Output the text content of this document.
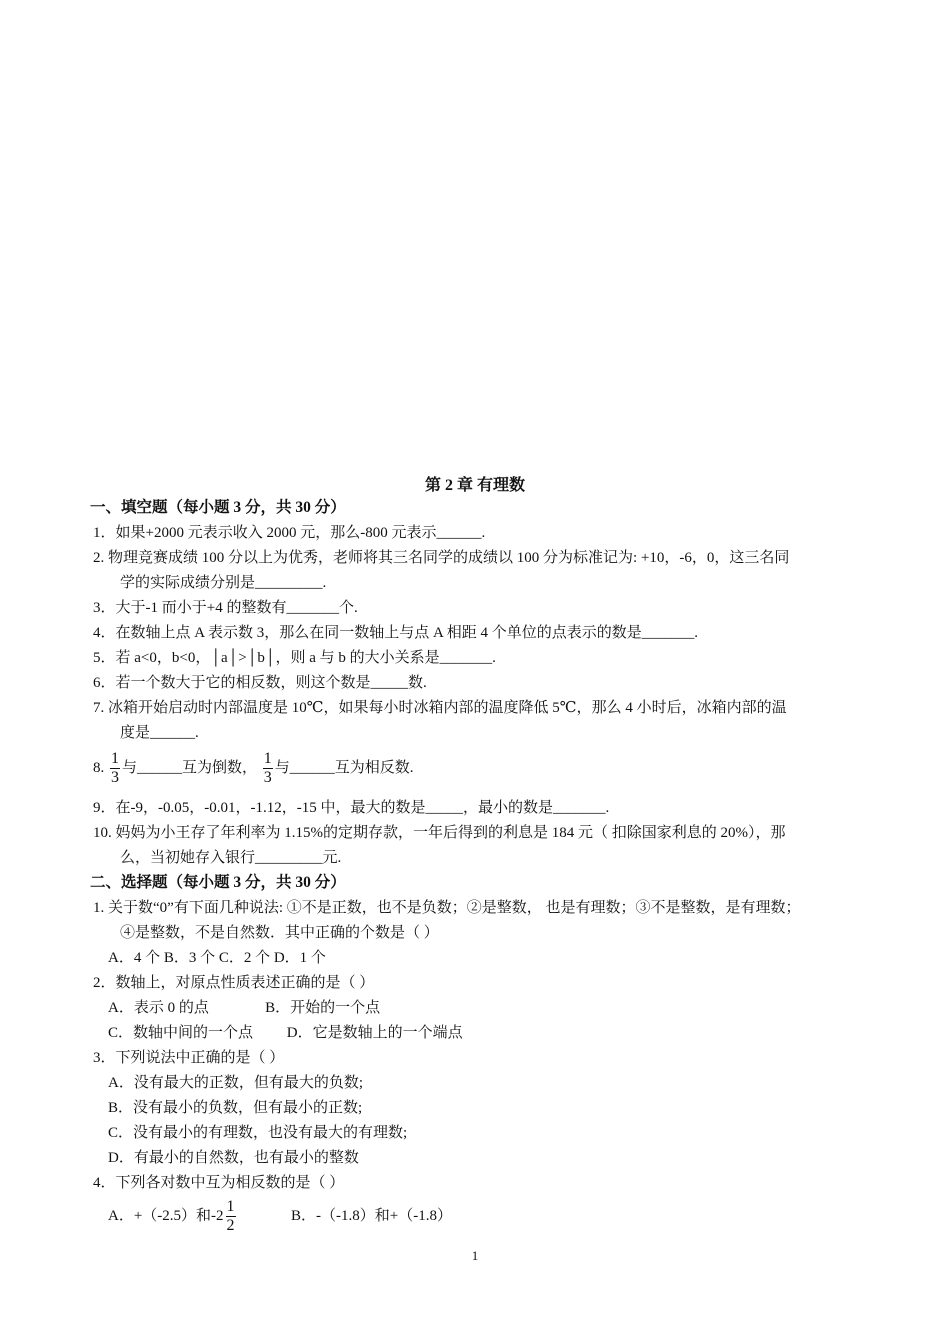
第 2 章 有理数
一、填空题（每小题 3 分，共 30 分）
1．如果+2000 元表示收入 2000 元，那么-800 元表示______.
2. 物理竞赛成绩 100 分以上为优秀，老师将其三名同学的成绩以 100 分为标准记为: +10，-6，0，这三名同
学的实际成绩分别是_________.
3．大于-1 而小于+4 的整数有_______个.
4．在数轴上点 A 表示数 3，那么在同一数轴上与点 A 相距 4 个单位的点表示的数是_______.
5．若 a<0，b<0，│a│>│b│，则 a 与 b 的大小关系是_______.
6．若一个数大于它的相反数，则这个数是_____数.
7. 冰箱开始启动时内部温度是 10℃，如果每小时冰箱内部的温度降低 5℃，那么 4 小时后，冰箱内部的温
度是______.
8. $\frac{1}{3}$ 与______互为倒数， $\frac{1}{3}$ 与______互为相反数.
9．在-9，-0.05，-0.01，-1.12，-15 中，最大的数是_____，最小的数是_______.
10. 妈妈为小王存了年利率为 1.15%的定期存款，一年后得到的利息是 184 元（ 扣除国家利息的 20%），那
么，当初她存入银行_________元.
二、选择题（每小题 3 分，共 30 分）
1. 关于数“0”有下面几种说法: ①不是正数，也不是负数；②是整数， 也是有理数；③不是整数，是有理数；
④是整数，不是自然数．其中正确的个数是（ ）
A．4 个 B．3 个 C．2 个 D．1 个
2．数轴上，对原点性质表述正确的是（ ）
A．表示 0 的点               B．开始的一个点
C．数轴中间的一个点         D．它是数轴上的一个端点
3．下列说法中正确的是（ ）
A．没有最大的正数，但有最大的负数;
B．没有最小的负数，但有最小的正数;
C．没有最小的有理数，也没有最大的有理数;
D．有最小的自然数，也有最小的整数
4．下列各对数中互为相反数的是（ ）
A．+（-2.5）和$-2 \frac{1}{2}$	B．-（-1.8）和+（-1.8）
1
